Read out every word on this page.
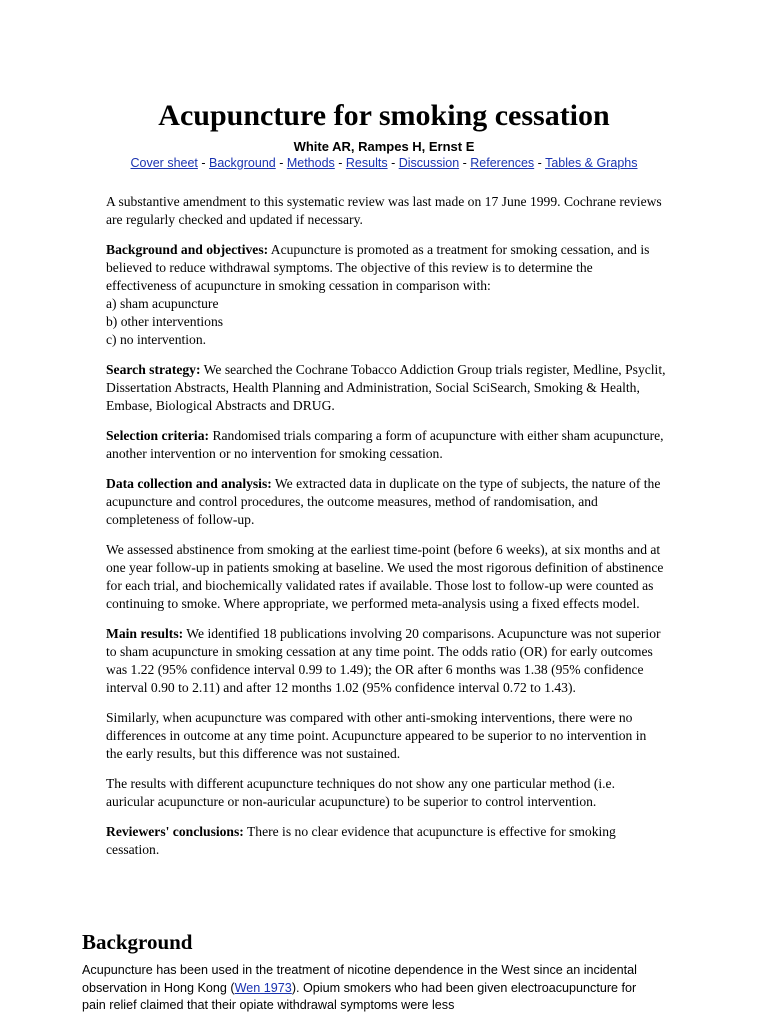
Acupuncture for smoking cessation
White AR, Rampes H, Ernst E
Cover sheet - Background - Methods - Results - Discussion - References - Tables & Graphs

A substantive amendment to this systematic review was last made on 17 June 1999. Cochrane reviews are regularly checked and updated if necessary.

Background and objectives: Acupuncture is promoted as a treatment for smoking cessation, and is believed to reduce withdrawal symptoms. The objective of this review is to determine the effectiveness of acupuncture in smoking cessation in comparison with:
a) sham acupuncture
b) other interventions
c) no intervention.

Search strategy: We searched the Cochrane Tobacco Addiction Group trials register, Medline, Psyclit, Dissertation Abstracts, Health Planning and Administration, Social SciSearch, Smoking & Health, Embase, Biological Abstracts and DRUG.

Selection criteria: Randomised trials comparing a form of acupuncture with either sham acupuncture, another intervention or no intervention for smoking cessation.

Data collection and analysis: We extracted data in duplicate on the type of subjects, the nature of the acupuncture and control procedures, the outcome measures, method of randomisation, and completeness of follow-up.

We assessed abstinence from smoking at the earliest time-point (before 6 weeks), at six months and at one year follow-up in patients smoking at baseline. We used the most rigorous definition of abstinence for each trial, and biochemically validated rates if available. Those lost to follow-up were counted as continuing to smoke. Where appropriate, we performed meta-analysis using a fixed effects model.

Main results: We identified 18 publications involving 20 comparisons. Acupuncture was not superior to sham acupuncture in smoking cessation at any time point. The odds ratio (OR) for early outcomes was 1.22 (95% confidence interval 0.99 to 1.49); the OR after 6 months was 1.38 (95% confidence interval 0.90 to 2.11) and after 12 months 1.02 (95% confidence interval 0.72 to 1.43).

Similarly, when acupuncture was compared with other anti-smoking interventions, there were no differences in outcome at any time point. Acupuncture appeared to be superior to no intervention in the early results, but this difference was not sustained.

The results with different acupuncture techniques do not show any one particular method (i.e. auricular acupuncture or non-auricular acupuncture) to be superior to control intervention.

Reviewers' conclusions: There is no clear evidence that acupuncture is effective for smoking cessation.

Background

Acupuncture has been used in the treatment of nicotine dependence in the West since an incidental observation in Hong Kong (Wen 1973). Opium smokers who had been given electroacupuncture for pain relief claimed that their opiate withdrawal symptoms were less
